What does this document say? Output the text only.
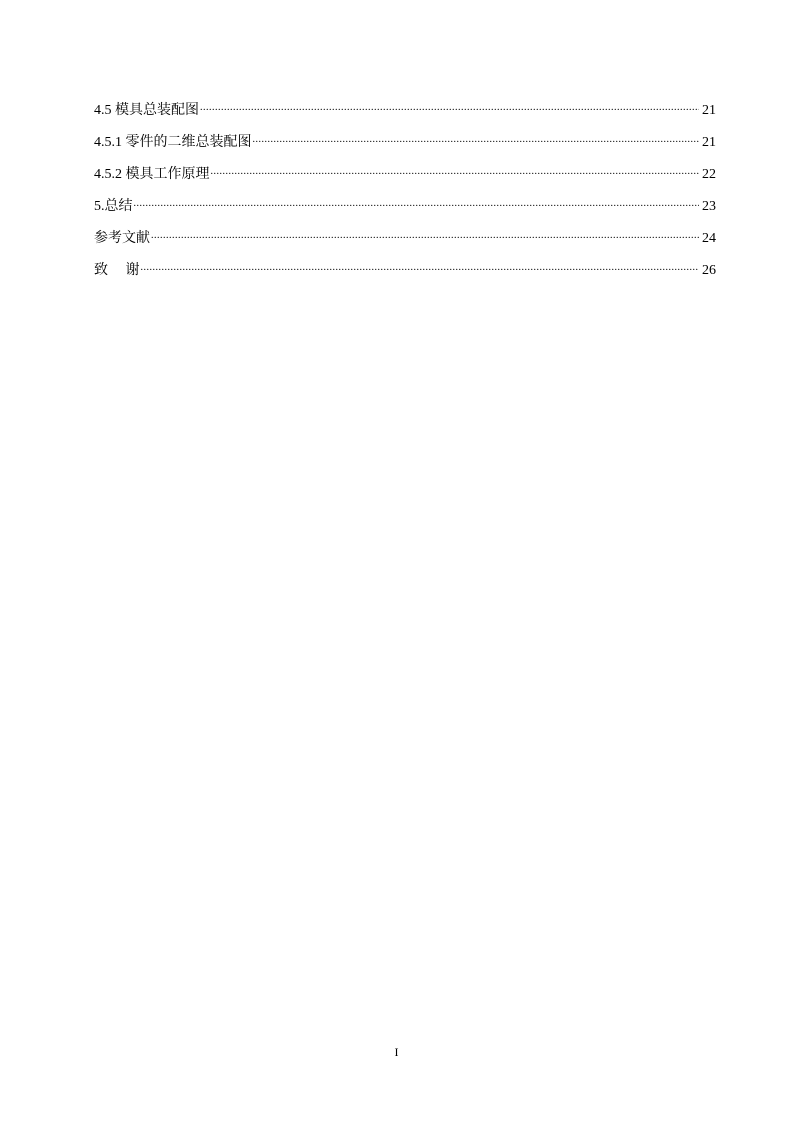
4.5 模具总装配图 .....	21
4.5.1 零件的二维总装配图 .....	21
4.5.2 模具工作原理 .....	22
5.总结 .....	23
参考文献 .....	24
致 谢 .....	26
I
